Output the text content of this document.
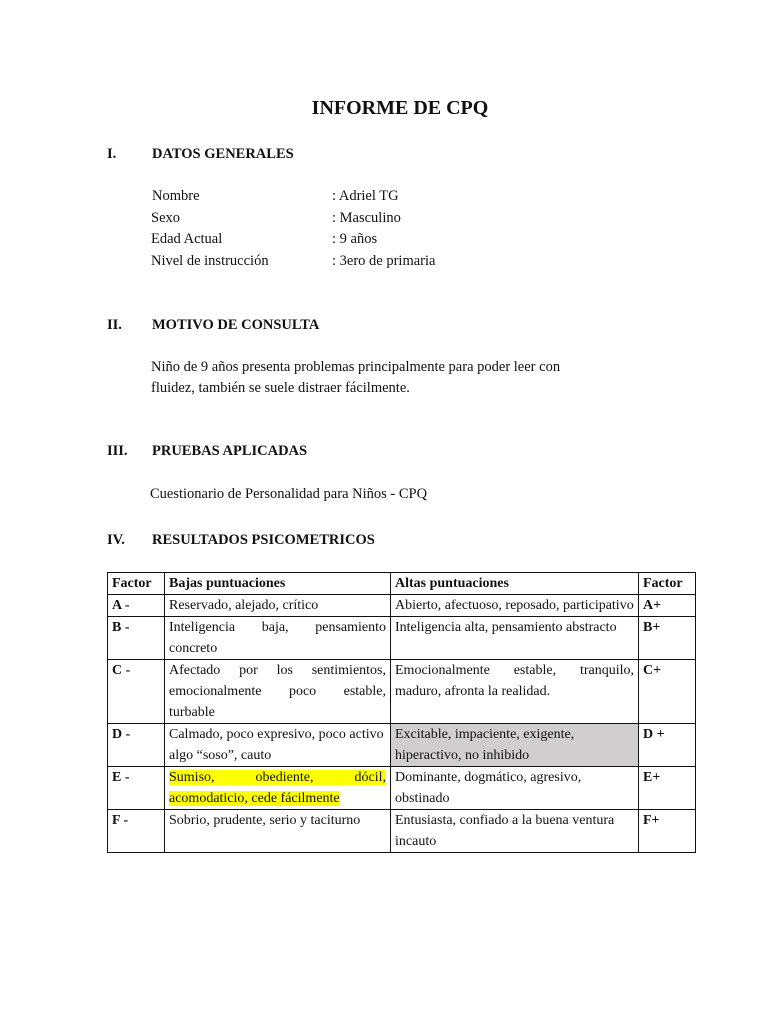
INFORME DE CPQ
I. DATOS GENERALES
Nombre	: Adriel TG
Sexo	: Masculino
Edad Actual	: 9 años
Nivel de instrucción	: 3ero de primaria
II. MOTIVO DE CONSULTA
Niño de 9 años presenta problemas principalmente para poder leer con fluidez, también se suele distraer fácilmente.
III. PRUEBAS APLICADAS
Cuestionario de Personalidad para Niños - CPQ
IV. RESULTADOS PSICOMETRICOS
Factor	Bajas puntuaciones	Altas puntuaciones	Factor
A -	Reservado, alejado, crítico	Abierto, afectuoso, reposado, participativo	A+
B -	Inteligencia baja, pensamiento concreto	Inteligencia alta, pensamiento abstracto	B+
C -	Afectado por los sentimientos, emocionalmente poco estable, turbable	Emocionalmente estable, tranquilo, maduro, afronta la realidad.	C+
D -	Calmado, poco expresivo, poco activo algo “soso”, cauto	Excitable, impaciente, exigente, hiperactivo, no inhibido	D +
E -	Sumiso, obediente, dócil, acomodaticio, cede fácilmente	Dominante, dogmático, agresivo, obstinado	E+
F -	Sobrio, prudente, serio y taciturno	Entusiasta, confiado a la buena ventura incauto	F+
